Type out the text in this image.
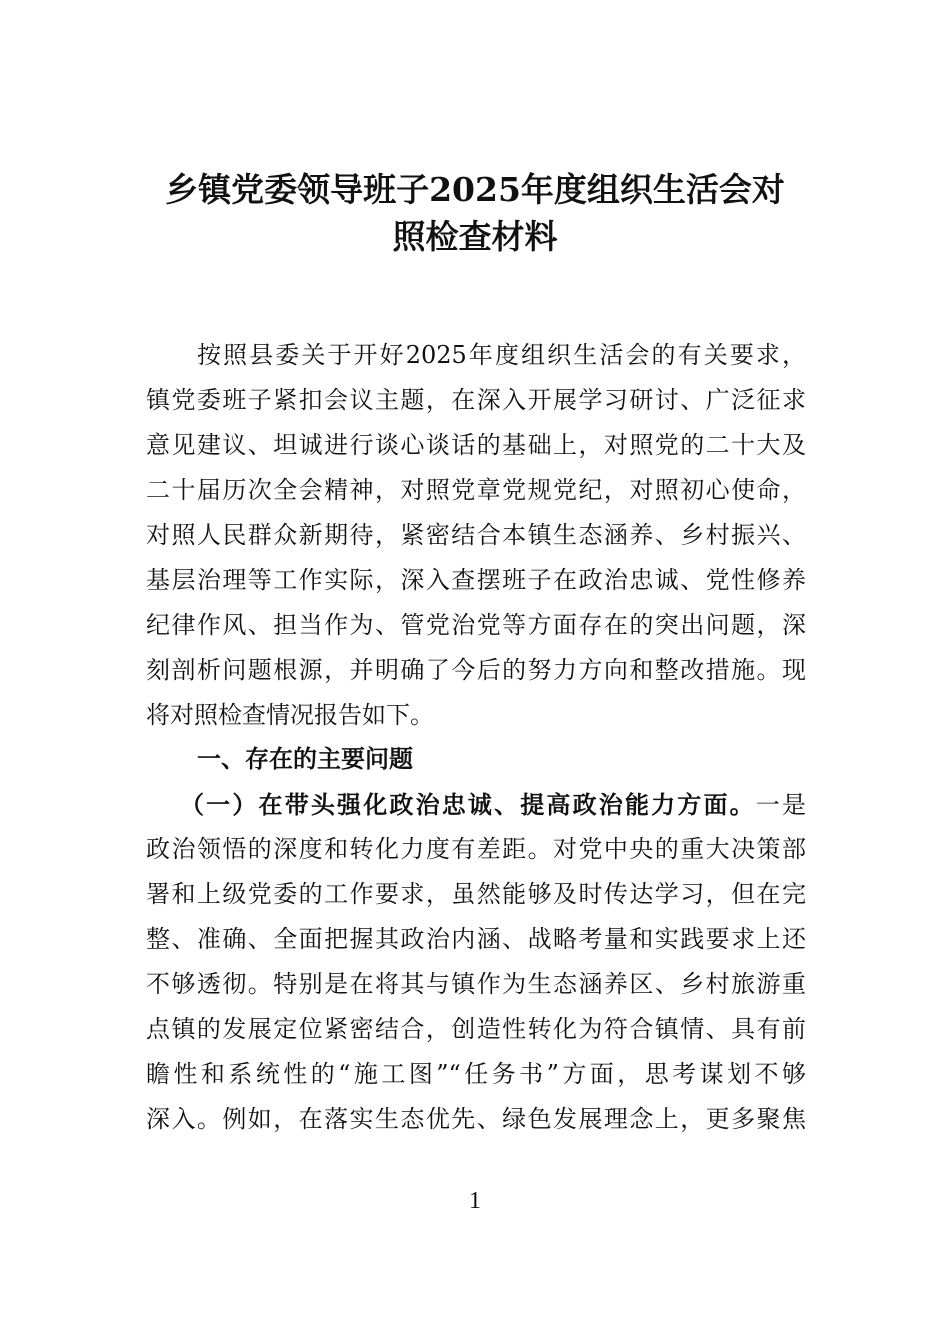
乡镇党委领导班子2025年度组织生活会对
照检查材料
按照县委关于开好2025年度组织生活会的有关要求，
镇党委班子紧扣会议主题，在深入开展学习研讨、广泛征求
意见建议、坦诚进行谈心谈话的基础上，对照党的二十大及
二十届历次全会精神，对照党章党规党纪，对照初心使命，
对照人民群众新期待，紧密结合本镇生态涵养、乡村振兴、
基层治理等工作实际，深入查摆班子在政治忠诚、党性修养
纪律作风、担当作为、管党治党等方面存在的突出问题，深
刻剖析问题根源，并明确了今后的努力方向和整改措施。现
将对照检查情况报告如下。
一、存在的主要问题
（一）在带头强化政治忠诚、提高政治能力方面。一是
政治领悟的深度和转化力度有差距。对党中央的重大决策部
署和上级党委的工作要求，虽然能够及时传达学习，但在完
整、准确、全面把握其政治内涵、战略考量和实践要求上还
不够透彻。特别是在将其与镇作为生态涵养区、乡村旅游重
点镇的发展定位紧密结合，创造性转化为符合镇情、具有前
瞻性和系统性的“施工图”“任务书”方面，思考谋划不够
深入。例如，在落实生态优先、绿色发展理念上，更多聚焦
1
